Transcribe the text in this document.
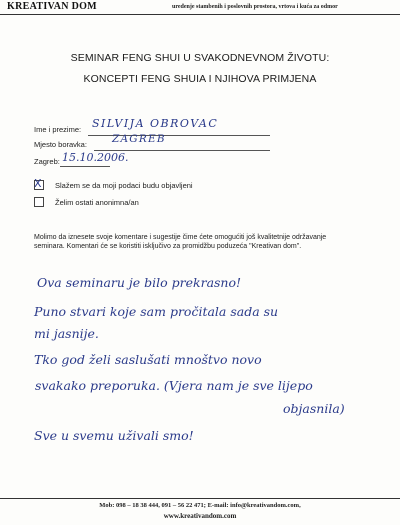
KREATIVAN DOM	uređenje stambenih i poslovnih prostora, vrtova i kuća za odmor
SEMINAR FENG SHUI U SVAKODNEVNOM ŽIVOTU:
KONCEPTI FENG SHUIA I NJIHOVA PRIMJENA
Ime i prezime: SILVIJA OBROVAC
Mjesto boravka: ZAGREB
Zagreb: 15.10.2006.
X Slažem se da moji podaci budu objavljeni
Želim ostati anonimna/an
Molimo da iznesete svoje komentare i sugestije čime ćete omogućiti još kvalitetnije održavanje seminara. Komentari će se koristiti isključivo za promidžbu poduzeća "Kreativan dom".
Ova seminaru je bilo prekrasno!
Puno stvari koje sam pročitala sada su
mi jasnije.
Tko god želi saslušati mnoštvo novo
svakako preporuka. (Vjera nam je sve lijepo
objasnila)
Sve u svemu uživali smo!
Mob: 098 – 18 38 444, 091 – 56 22 471; E-mail: info@kreativandom.com,
www.kreativandom.com
